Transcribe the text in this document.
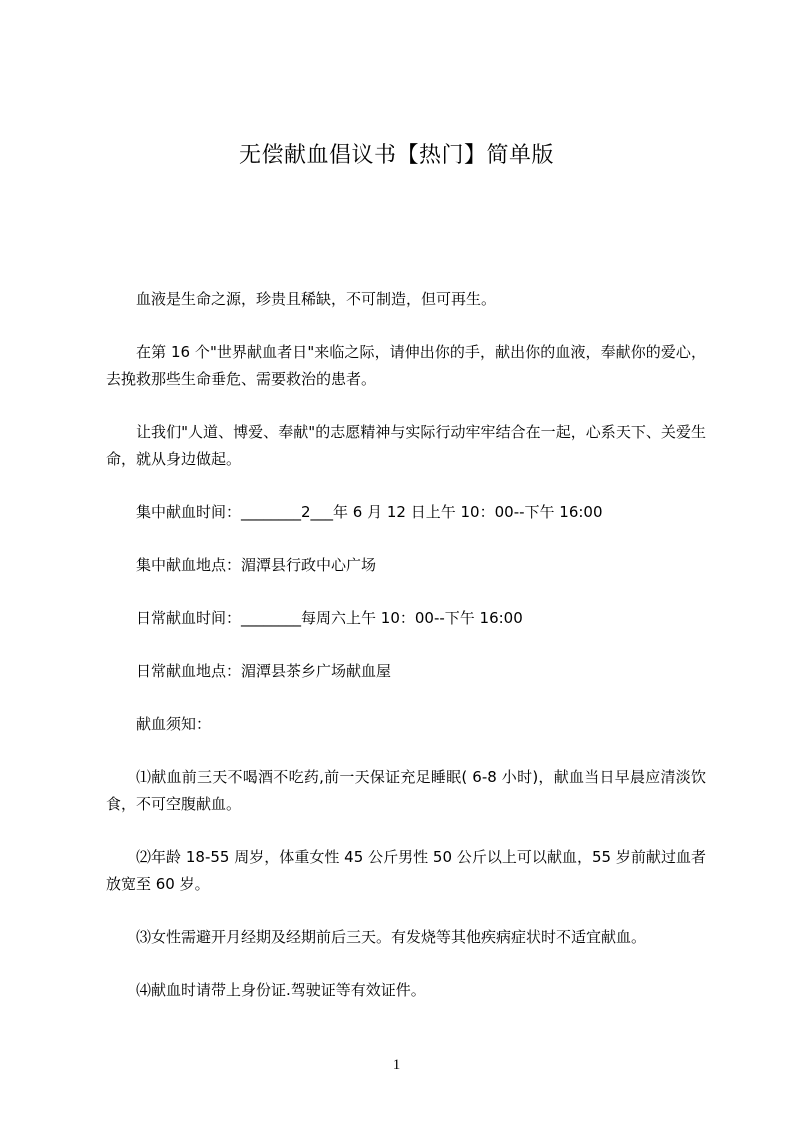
无偿献血倡议书【热门】简单版

血液是生命之源，珍贵且稀缺，不可制造，但可再生。

在第 16 个"世界献血者日"来临之际，请伸出你的手，献出你的血液，奉献你的爱心，去挽救那些生命垂危、需要救治的患者。

让我们"人道、博爱、奉献"的志愿精神与实际行动牢牢结合在一起，心系天下、关爱生命，就从身边做起。

集中献血时间：________2___年 6 月 12 日上午 10：00--下午 16:00

集中献血地点：湄潭县行政中心广场

日常献血时间：________每周六上午 10：00--下午 16:00

日常献血地点：湄潭县茶乡广场献血屋

献血须知：

⑴献血前三天不喝酒不吃药,前一天保证充足睡眠( 6-8 小时)，献血当日早晨应清淡饮食，不可空腹献血。

⑵年龄 18-55 周岁，体重女性 45 公斤男性 50 公斤以上可以献血，55 岁前献过血者放宽至 60 岁。

⑶女性需避开月经期及经期前后三天。有发烧等其他疾病症状时不适宜献血。

⑷献血时请带上身份证.驾驶证等有效证件。

1
